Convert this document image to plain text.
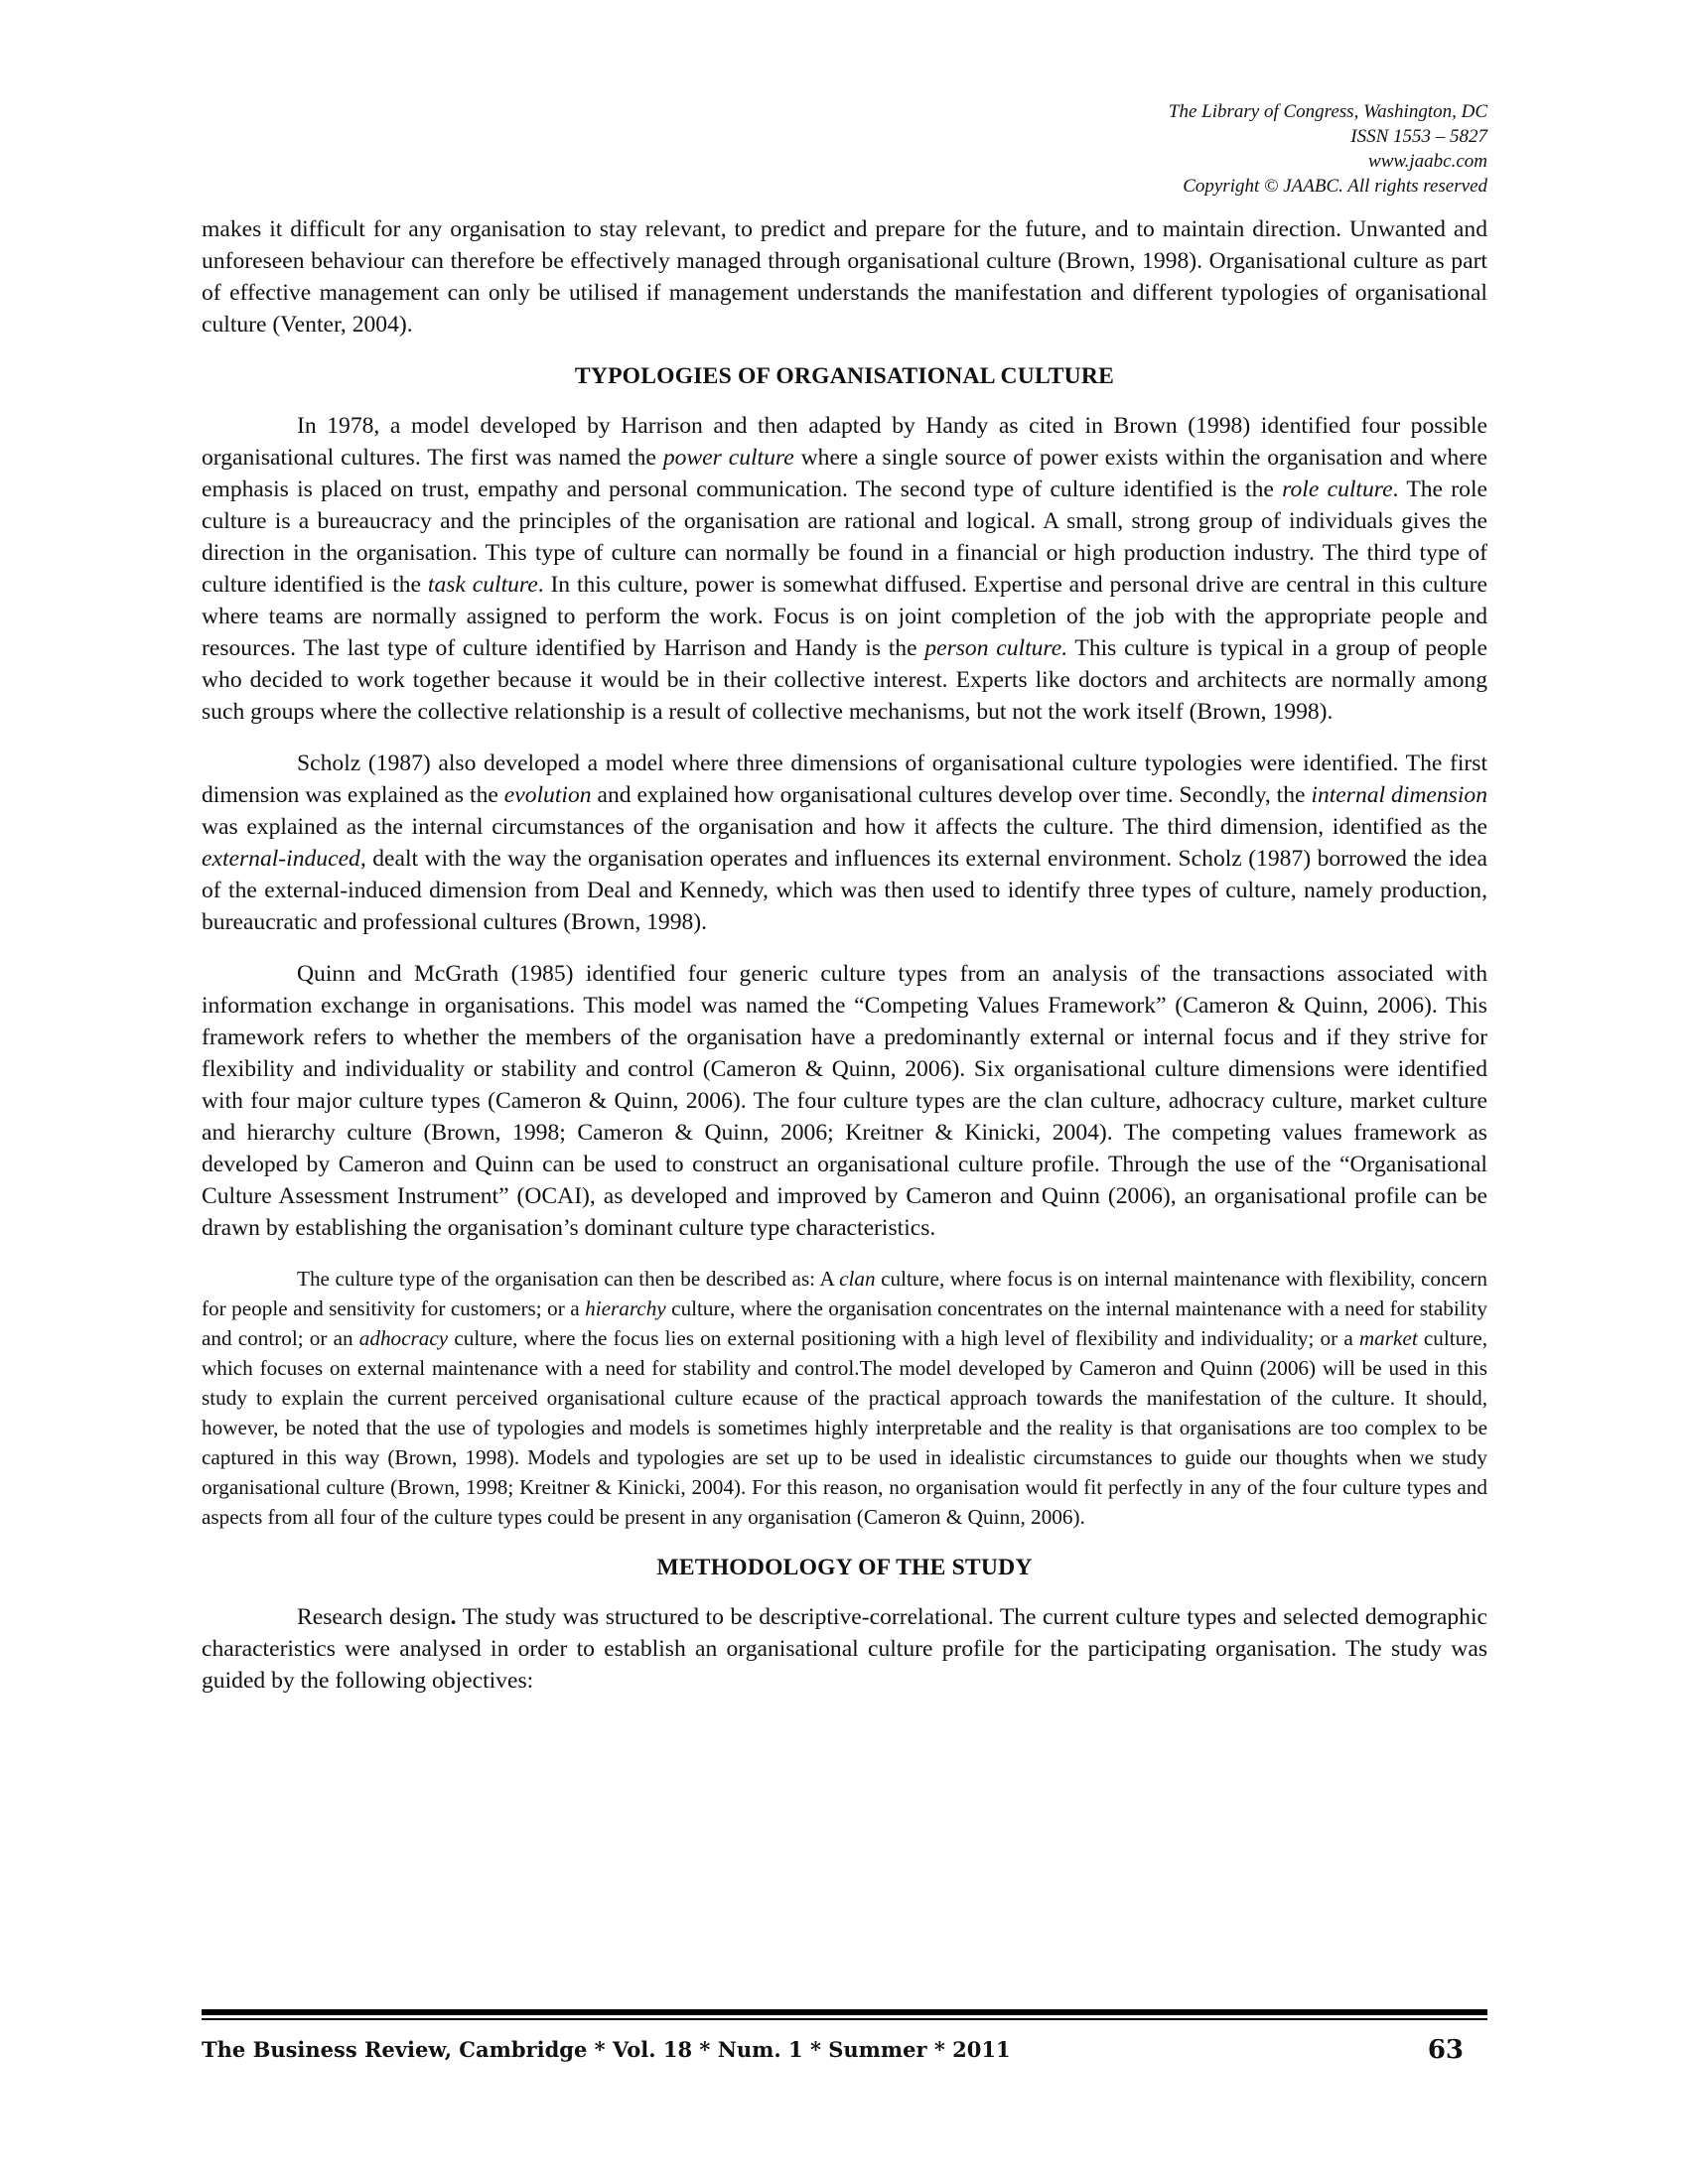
The Library of Congress, Washington, DC
ISSN 1553 – 5827
www.jaabc.com
Copyright © JAABC. All rights reserved

makes it difficult for any organisation to stay relevant, to predict and prepare for the future, and to maintain direction. Unwanted and unforeseen behaviour can therefore be effectively managed through organisational culture (Brown, 1998). Organisational culture as part of effective management can only be utilised if management understands the manifestation and different typologies of organisational culture (Venter, 2004).

TYPOLOGIES OF ORGANISATIONAL CULTURE

In 1978, a model developed by Harrison and then adapted by Handy as cited in Brown (1998) identified four possible organisational cultures. The first was named the power culture where a single source of power exists within the organisation and where emphasis is placed on trust, empathy and personal communication. The second type of culture identified is the role culture. The role culture is a bureaucracy and the principles of the organisation are rational and logical. A small, strong group of individuals gives the direction in the organisation. This type of culture can normally be found in a financial or high production industry. The third type of culture identified is the task culture. In this culture, power is somewhat diffused. Expertise and personal drive are central in this culture where teams are normally assigned to perform the work. Focus is on joint completion of the job with the appropriate people and resources. The last type of culture identified by Harrison and Handy is the person culture. This culture is typical in a group of people who decided to work together because it would be in their collective interest. Experts like doctors and architects are normally among such groups where the collective relationship is a result of collective mechanisms, but not the work itself (Brown, 1998).

Scholz (1987) also developed a model where three dimensions of organisational culture typologies were identified. The first dimension was explained as the evolution and explained how organisational cultures develop over time. Secondly, the internal dimension was explained as the internal circumstances of the organisation and how it affects the culture. The third dimension, identified as the external-induced, dealt with the way the organisation operates and influences its external environment. Scholz (1987) borrowed the idea of the external-induced dimension from Deal and Kennedy, which was then used to identify three types of culture, namely production, bureaucratic and professional cultures (Brown, 1998).

Quinn and McGrath (1985) identified four generic culture types from an analysis of the transactions associated with information exchange in organisations. This model was named the “Competing Values Framework” (Cameron & Quinn, 2006). This framework refers to whether the members of the organisation have a predominantly external or internal focus and if they strive for flexibility and individuality or stability and control (Cameron & Quinn, 2006). Six organisational culture dimensions were identified with four major culture types (Cameron & Quinn, 2006). The four culture types are the clan culture, adhocracy culture, market culture and hierarchy culture (Brown, 1998; Cameron & Quinn, 2006; Kreitner & Kinicki, 2004). The competing values framework as developed by Cameron and Quinn can be used to construct an organisational culture profile. Through the use of the “Organisational Culture Assessment Instrument” (OCAI), as developed and improved by Cameron and Quinn (2006), an organisational profile can be drawn by establishing the organisation’s dominant culture type characteristics.

The culture type of the organisation can then be described as: A clan culture, where focus is on internal maintenance with flexibility, concern for people and sensitivity for customers; or a hierarchy culture, where the organisation concentrates on the internal maintenance with a need for stability and control; or an adhocracy culture, where the focus lies on external positioning with a high level of flexibility and individuality; or a market culture, which focuses on external maintenance with a need for stability and control.The model developed by Cameron and Quinn (2006) will be used in this study to explain the current perceived organisational culture ecause of the practical approach towards the manifestation of the culture. It should, however, be noted that the use of typologies and models is sometimes highly interpretable and the reality is that organisations are too complex to be captured in this way (Brown, 1998). Models and typologies are set up to be used in idealistic circumstances to guide our thoughts when we study organisational culture (Brown, 1998; Kreitner & Kinicki, 2004). For this reason, no organisation would fit perfectly in any of the four culture types and aspects from all four of the culture types could be present in any organisation (Cameron & Quinn, 2006).

METHODOLOGY OF THE STUDY

Research design. The study was structured to be descriptive-correlational. The current culture types and selected demographic characteristics were analysed in order to establish an organisational culture profile for the participating organisation. The study was guided by the following objectives:

The Business Review, Cambridge * Vol. 18 * Num. 1 * Summer * 2011	63
